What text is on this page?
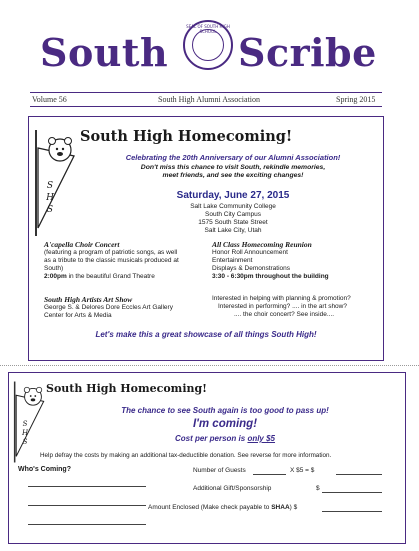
South
SEAL OF SOUTH HIGH SCHOOL Scribe
Volume 56	South High Alumni Association	Spring 2015
S
H
S
South High Homecoming!
Celebrating the 20th Anniversary of our Alumni Association!
Don't miss this chance to visit South, rekindle memories,
meet friends, and see the exciting changes!
Saturday, June 27, 2015
Salt Lake Community College
South City Campus
1575 South State Street
Salt Lake City, Utah
A'capella Choir Concert
(featuring a program of patriotic songs, as well
as a tribute to the classic musicals produced at
South)
2:00pm in the beautiful Grand Theatre
South High Artists Art Show
George S. & Delores Dore Eccles Art Gallery
Center for Arts & Media
All Class Homecoming Reunion
Honor Roll Announcement
Entertainment
Displays & Demonstrations
3:30 - 6:30pm throughout the building
Interested in helping with planning & promotion?
Interested in performing? .... in the art show?
.... the choir concert? See inside....
Let's make this a great showcase of all things South High!
S
H
S
South High Homecoming!
The chance to see South again is too good to pass up!
I'm coming!
Cost per person is only $5
Help defray the costs by making an additional tax-deductible donation. See reverse for more information.
Who's Coming?	Number of Guests	X $5 = $
Additional Gift/Sponsorship	$
Amount Enclosed (Make check payable to SHAA) $
